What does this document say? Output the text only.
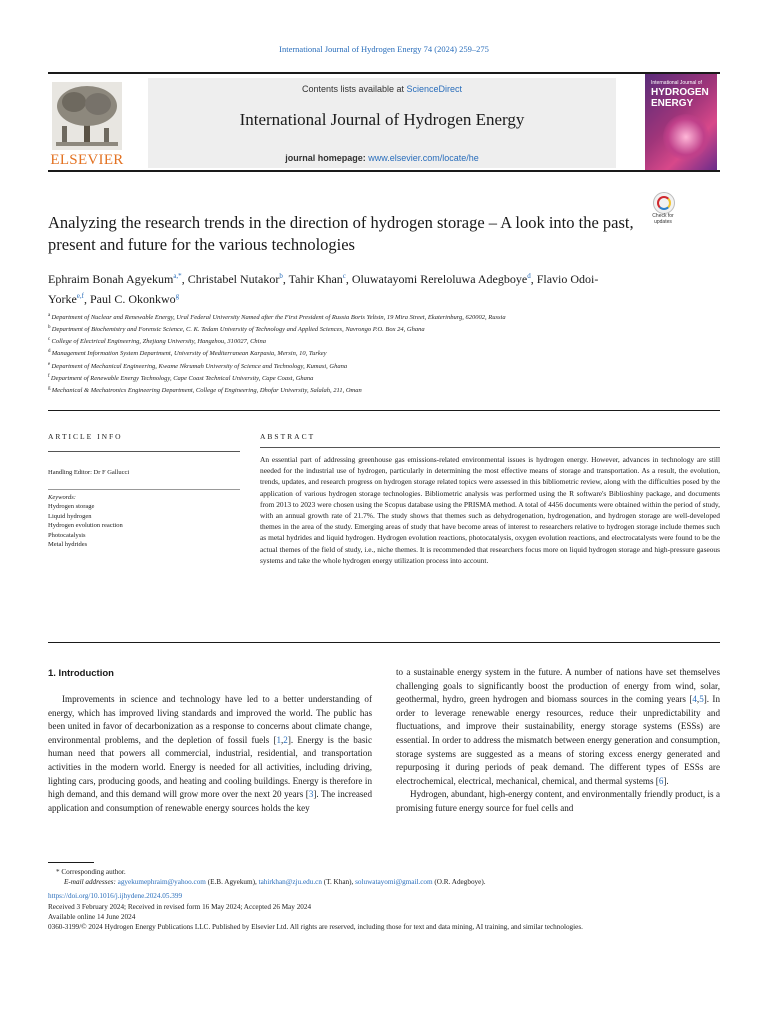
International Journal of Hydrogen Energy 74 (2024) 259–275
ELSEVIER
Contents lists available at ScienceDirect
International Journal of Hydrogen Energy
journal homepage: www.elsevier.com/locate/he
International Journal of
HYDROGEN
ENERGY
Analyzing the research trends in the direction of hydrogen storage – A look into the past, present and future for the various technologies
Check for
updates
Ephraim Bonah Agyekum$^{a,*}$, Christabel Nutakor$^b$, Tahir Khan$^c$, Oluwatayomi Rereloluwa Adegboye$^d$, Flavio Odoi-Yorke$^{e,f}$, Paul C. Okonkwo$^g$
$^a$ Department of Nuclear and Renewable Energy, Ural Federal University Named after the First President of Russia Boris Yeltsin, 19 Mira Street, Ekaterinburg, 620002, Russia
$^b$ Department of Biochemistry and Forensic Science, C. K. Tedam University of Technology and Applied Sciences, Navrongo P.O. Box 24, Ghana
$^c$ College of Electrical Engineering, Zhejiang University, Hangzhou, 310027, China
$^d$ Management Information System Department, University of Mediterranean Karpasia, Mersin, 10, Turkey
$^e$ Department of Mechanical Engineering, Kwame Nkrumah University of Science and Technology, Kumasi, Ghana
$^f$ Department of Renewable Energy Technology, Cape Coast Technical University, Cape Coast, Ghana
$^g$ Mechanical & Mechatronics Engineering Department, College of Engineering, Dhofar University, Salalah, 211, Oman
ARTICLE INFO
Handling Editor: Dr F Gallucci
Keywords:
Hydrogen storage
Liquid hydrogen
Hydrogen evolution reaction
Photocatalysis
Metal hydrides
ABSTRACT
An essential part of addressing greenhouse gas emissions-related environmental issues is hydrogen energy. However, advances in technology are still needed for the industrial use of hydrogen, particularly in determining the most effective means of storage and transportation. As a result, the evolution, trends, updates, and research progress on hydrogen storage related topics were assessed in this bibliometric review, along with the difficulties posed by the application of various hydrogen storage technologies. Bibliometric analysis was performed using the R software's Biblioshiny package, and documents from 2013 to 2023 were chosen using the Scopus database using the PRISMA method. A total of 4456 documents were obtained within the period of study, with an annual growth rate of 21.7%. The study shows that themes such as dehydrogenation, hydrogenation, and hydrogen storage are well-developed themes in the area of the study. Emerging areas of study that have become areas of interest to researchers relative to hydrogen storage include themes such as metal hydrides and liquid hydrogen. Hydrogen evolution reactions, photocatalysis, oxygen evolution reactions, and electrocatalysts were found to be the actual themes of the field of study, i.e., niche themes. It is recommended that researchers focus more on liquid hydrogen storage and high-pressure gaseous systems and take the whole hydrogen energy utilization process into account.
1. Introduction

Improvements in science and technology have led to a better understanding of energy, which has improved living standards and improved the world. The public has been united in favor of decarbonization as a response to concerns about climate change, environmental problems, and the depletion of fossil fuels [1,2]. Energy is the basic human need that powers all commercial, industrial, residential, and transportation activities in the modern world. Energy is needed for all activities, including driving, lighting cars, producing goods, and heating and cooling buildings. Energy is therefore in high demand, and this demand will grow more over the next 20 years [3]. The increased application and consumption of renewable energy sources holds the key

to a sustainable energy system in the future. A number of nations have set themselves challenging goals to significantly boost the production of energy from wind, solar, geothermal, hydro, green hydrogen and biomass sources in the coming years [4,5]. In order to leverage renewable energy resources, reduce their unpredictability and fluctuations, and improve their sustainability, energy storage systems (ESSs) are essential. In order to address the mismatch between energy generation and consumption, storage systems are suggested as a means of storing excess energy generated and repurposing it during periods of peak demand. The different types of ESSs are electrochemical, electrical, mechanical, chemical, and thermal systems [6].

Hydrogen, abundant, high-energy content, and environmentally friendly product, is a promising future energy source for fuel cells and

* Corresponding author.
E-mail addresses: agyekumephraim@yahoo.com (E.B. Agyekum), tahirkhan@zju.edu.cn (T. Khan), soluwatayomi@gmail.com (O.R. Adegboye).
https://doi.org/10.1016/j.ijhydene.2024.05.399
Received 3 February 2024; Received in revised form 16 May 2024; Accepted 26 May 2024
Available online 14 June 2024
0360-3199/© 2024 Hydrogen Energy Publications LLC. Published by Elsevier Ltd. All rights are reserved, including those for text and data mining, AI training, and similar technologies.
